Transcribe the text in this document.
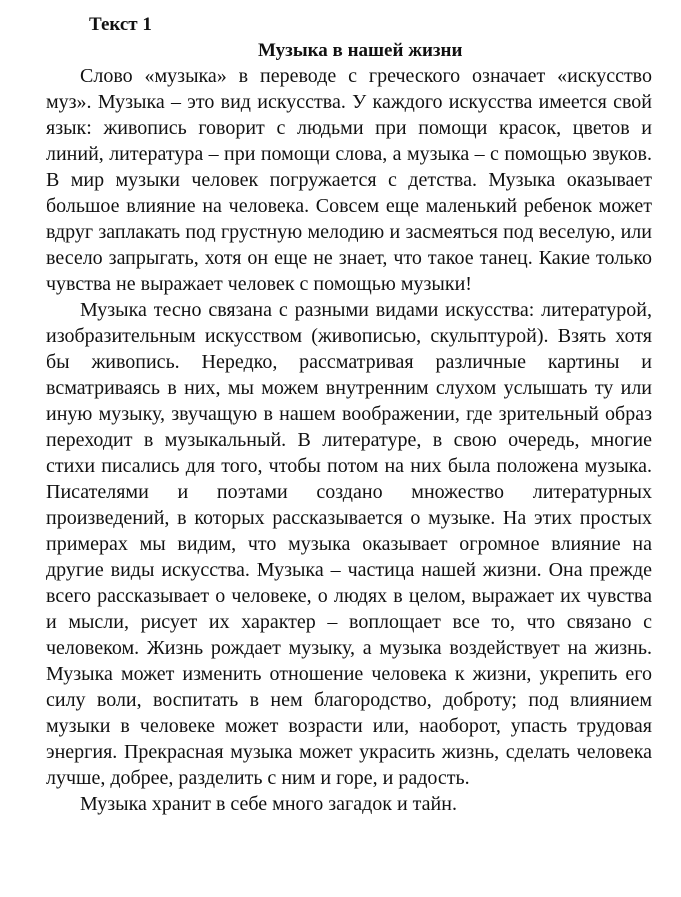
Текст 1
Музыка в нашей жизни

Слово «музыка» в переводе с греческого означает «искусство муз». Музыка – это вид искусства. У каждого искусства имеется свой язык: живопись говорит с людьми при помощи красок, цветов и линий, литература – при помощи слова, а музыка – с помощью звуков. В мир музыки человек погружается с детства. Музыка оказывает большое влияние на человека. Совсем еще маленький ребенок может вдруг заплакать под грустную мелодию и засмеяться под веселую, или весело запрыгать, хотя он еще не знает, что такое танец. Какие только чувства не выражает человек с помощью музыки!

Музыка тесно связана с разными видами искусства: литературой, изобразительным искусством (живописью, скульптурой). Взять хотя бы живопись. Нередко, рассматривая различные картины и всматриваясь в них, мы можем внутренним слухом услышать ту или иную музыку, звучащую в нашем воображении, где зрительный образ переходит в музыкальный. В литературе, в свою очередь, многие стихи писались для того, чтобы потом на них была положена музыка. Писателями и поэтами создано множество литературных произведений, в которых рассказывается о музыке. На этих простых примерах мы видим, что музыка оказывает огромное влияние на другие виды искусства. Музыка – частица нашей жизни. Она прежде всего рассказывает о человеке, о людях в целом, выражает их чувства и мысли, рисует их характер – воплощает все то, что связано с человеком. Жизнь рождает музыку, а музыка воздействует на жизнь. Музыка может изменить отношение человека к жизни, укрепить его силу воли, воспитать в нем благородство, доброту; под влиянием музыки в человеке может возрасти или, наоборот, упасть трудовая энергия. Прекрасная музыка может украсить жизнь, сделать человека лучше, добрее, разделить с ним и горе, и радость.

Музыка хранит в себе много загадок и тайн.
